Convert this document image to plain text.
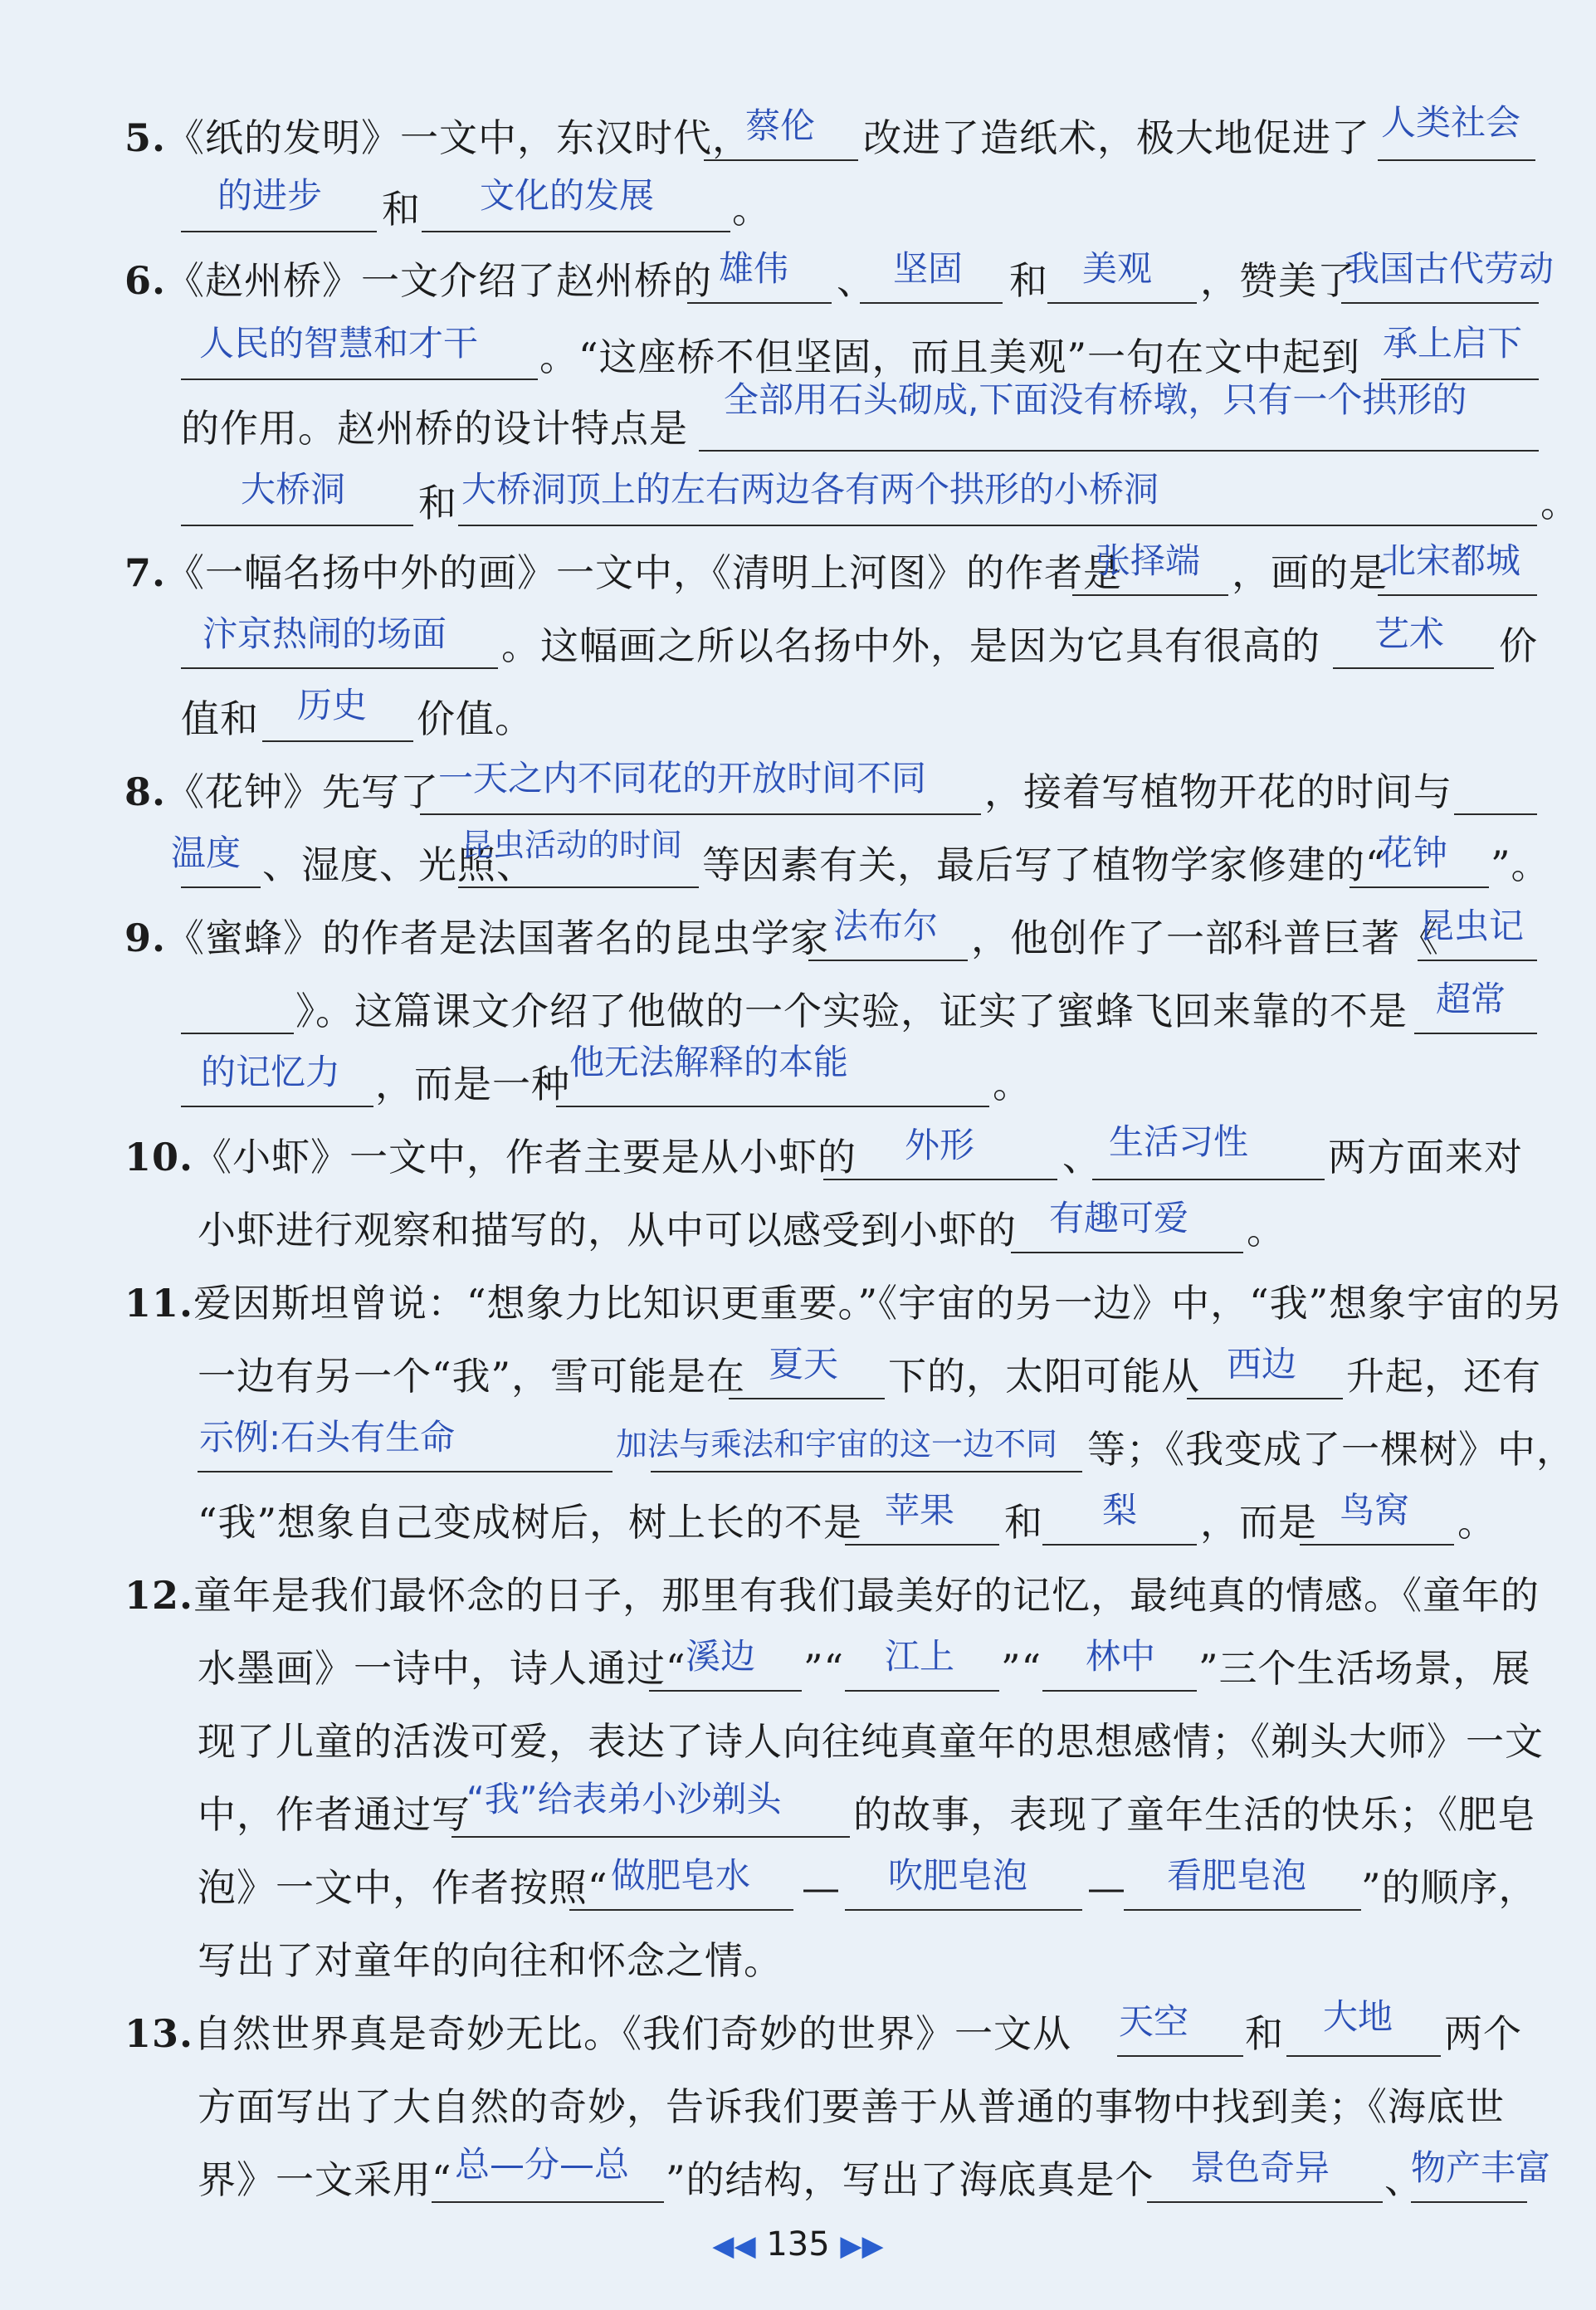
5.《纸的发明》一文中，东汉时代，
蔡伦 改进了造纸术，极大地促进了 人类社会
的进步 和 文化的发展 。
6.《赵州桥》一文介绍了赵州桥的 雄伟 、 坚固 和 美观 ，赞美了
我国古代劳动
人民的智慧和才干 。“这座桥不但坚固，而且美观”一句在文中起到 承上启下
的作用。赵州桥的设计特点是
全部用石头砌成,下面没有桥墩，只有一个拱形的
大桥洞 和 大桥洞顶上的左右两边各有两个拱形的小桥洞	。
7.《一幅名扬中外的画》一文中，《清明上河图》的作者是
张择端 ，画的是
北宋都城
汴京热闹的场面 。这幅画之所以名扬中外，是因为它具有很高的 艺术 价
值和 历史 价值。
8.《花钟》先写了
一天之内不同花的开放时间不同 ，接着写植物开花的时间与
温度 、湿度、光照、
昆虫活动的时间 等因素有关，最后写了植物学家修建的“
花钟 ”。
9.《蜜蜂》的作者是法国著名的昆虫学家 法布尔 ，他创作了一部科普巨著《
昆虫记
》。这篇课文介绍了他做的一个实验，证实了蜜蜂飞回来靠的不是 超常
的记忆力 ，而是一种 他无法解释的本能	。
10.《小虾》一文中，作者主要是从小虾的 外形 、 生活习性 两方面来对
小虾进行观察和描写的，从中可以感受到小虾的 有趣可爱 。
11.爱因斯坦曾说：“想象力比知识更重要。”《宇宙的另一边》中，“我”想象宇宙的另
一边有另一个“我”，雪可能是在 夏天 下的，太阳可能从 西边 升起，还有
示例:石头有生命	加法与乘法和宇宙的这一边不同 等；《我变成了一棵树》中，
“我”想象自己变成树后，树上长的不是 苹果 和 梨 ，而是 鸟窝 。
12.童年是我们最怀念的日子，那里有我们最美好的记忆，最纯真的情感。《童年的
水墨画》一诗中，诗人通过“ 溪边 ”“ 江上 ”“ 林中 ”三个生活场景，展
现了儿童的活泼可爱，表达了诗人向往纯真童年的思想感情；《剃头大师》一文
中，作者通过写
“我”给表弟小沙剃头 的故事，表现了童年生活的快乐；《肥皂
泡》一文中，作者按照“ 做肥皂水 — 吹肥皂泡 — 看肥皂泡 ”的顺序，
写出了对童年的向往和怀念之情。
13.自然世界真是奇妙无比。《我们奇妙的世界》一文从 天空 和 大地 两个
方面写出了大自然的奇妙，告诉我们要善于从普通的事物中找到美；《海底世
界》一文采用“ 总—分—总 ”的结构，写出了海底真是个 景色奇异 、
物产丰富
◀◀ 135 ▶▶
